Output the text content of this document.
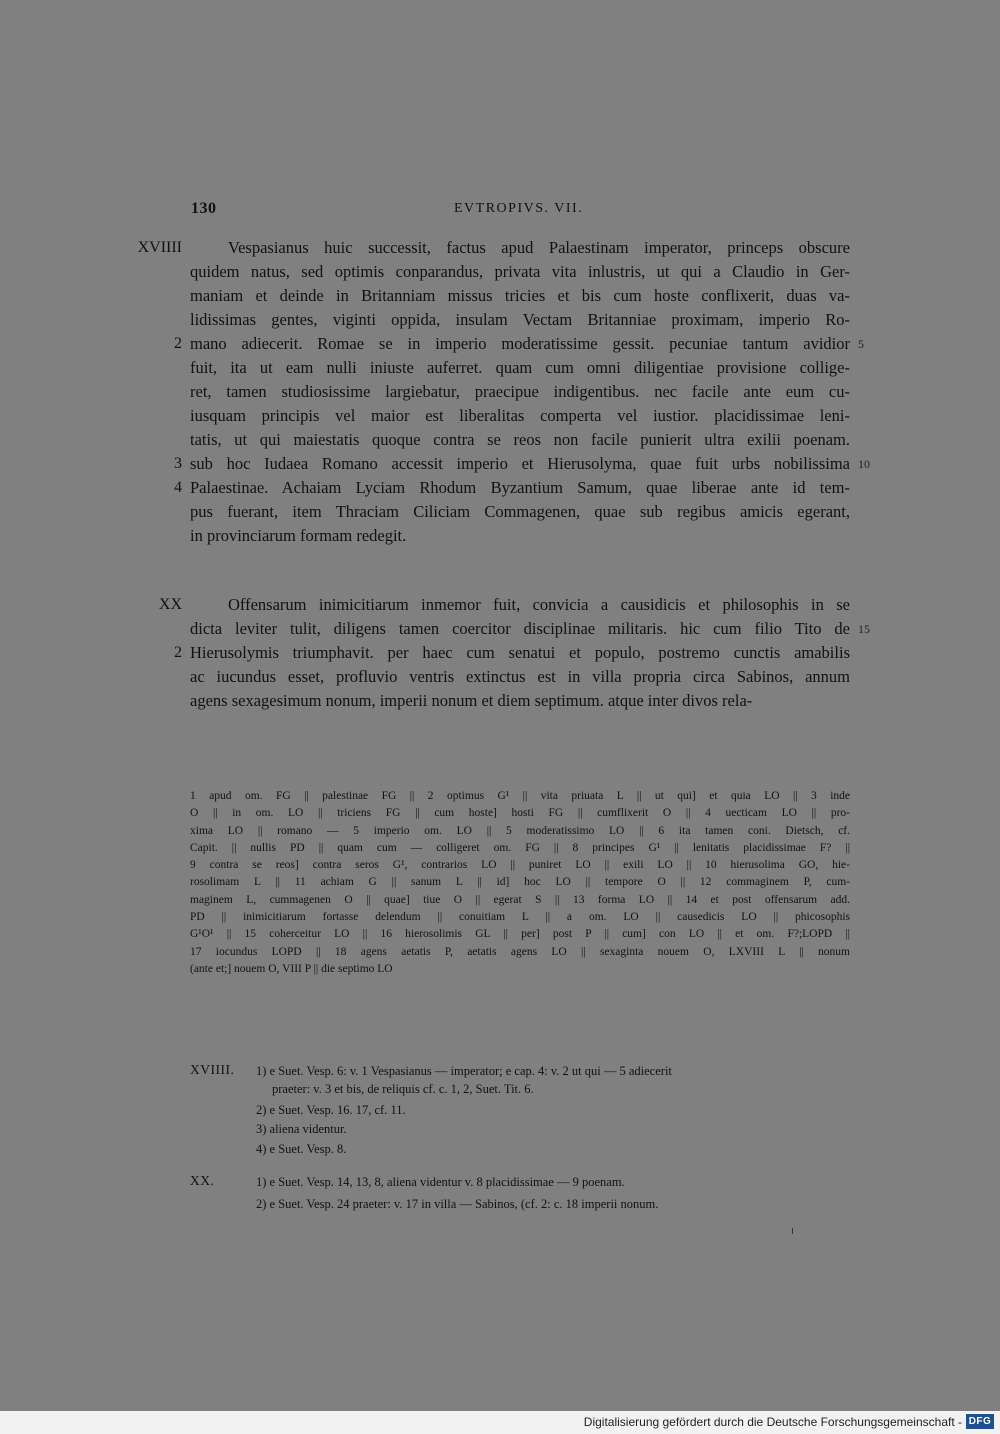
130	EVTROPIVS. VII.
XVIIII	Vespasianus huic successit, factus apud Palaestinam imperator, princeps obscure
quidem natus, sed optimis conparandus, privata vita inlustris, ut qui a Claudio in Ger-
maniam et deinde in Britanniam missus tricies et bis cum hoste conflixerit, duas va-
lidissimas gentes, viginti oppida, insulam Vectam Britanniae proximam, imperio Ro-
mano adiecerit. Romae se in imperio moderatissime gessit. pecuniae tantum avidior
fuit, ita ut eam nulli iniuste auferret. quam cum omni diligentiae provisione collige-
ret, tamen studiosissime largiebatur, praecipue indigentibus. nec facile ante eum cu-
iusquam principis vel maior est liberalitas comperta vel iustior. placidissimae leni-
tatis, ut qui maiestatis quoque contra se reos non facile punierit ultra exilii poenam.
sub hoc Iudaea Romano accessit imperio et Hierusolyma, quae fuit urbs nobilissima
Palaestinae. Achaiam Lyciam Rhodum Byzantium Samum, quae liberae ante id tem-
pus fuerant, item Thraciam Ciliciam Commagenen, quae sub regibus amicis egerant,
in provinciarum formam redegit.
2
3
4
5
10
XX	Offensarum inimicitiarum inmemor fuit, convicia a causidicis et philosophis in se
dicta leviter tulit, diligens tamen coercitor disciplinae militaris. hic cum filio Tito de
Hierusolymis triumphavit. per haec cum senatui et populo, postremo cunctis amabilis
ac iucundus esset, profluvio ventris extinctus est in villa propria circa Sabinos, annum
agens sexagesimum nonum, imperii nonum et diem septimum. atque inter divos rela-
2
15
1 apud om. FG || palestinae FG || 2 optimus G¹ || vita priuata L || ut qui] et quia LO || 3 inde
O || in om. LO || triciens FG || cum hoste] hosti FG || cumflixerit O || 4 uecticam LO || pro-
xima LO || romano — 5 imperio om. LO || 5 moderatissimo LO || 6 ita tamen coni. Dietsch, cf.
Capit. || nullis PD || quam cum — colligeret om. FG || 8 principes G¹ || lenitatis placidissimae F? ||
9 contra se reos] contra seros G¹, contrarios LO || puniret LO || exili LO || 10 hierusolima GO, hie-
rosolimam L || 11 achiam G || sanum L || id] hoc LO || tempore O || 12 commaginem P, cum-
maginem L, cummagenen O || quae] tiue O || egerat S || 13 forma LO || 14 et post offensarum add.
PD || inimicitiarum fortasse delendum || conuitiam L || a om. LO || causedicis LO || phicosophis
G¹O¹ || 15 coherceitur LO || 16 hierosolimis GL || per] post P || cum] con LO || et om. F?;LOPD ||
17 iocundus LOPD || 18 agens aetatis P, aetatis agens LO || sexaginta nouem O, LXVIII L || nonum
(ante et;] nouem O, VIII P || die septimo LO
XVIIII. 1) e Suet. Vesp. 6: v. 1 Vespasianus — imperator; e cap. 4: v. 2 ut qui — 5 adiecerit
praeter: v. 3 et bis, de reliquis cf. c. 1, 2, Suet. Tit. 6.
2) e Suet. Vesp. 16. 17, cf. 11.
3) aliena videntur.
4) e Suet. Vesp. 8.
XX.	1) e Suet. Vesp. 14, 13, 8, aliena videntur v. 8 placidissimae — 9 poenam.
2) e Suet. Vesp. 24 praeter: v. 17 in villa — Sabinos, (cf. 2: c. 18 imperii nonum.
Digitalisierung gefördert durch die Deutsche Forschungsgemeinschaft - DFG
